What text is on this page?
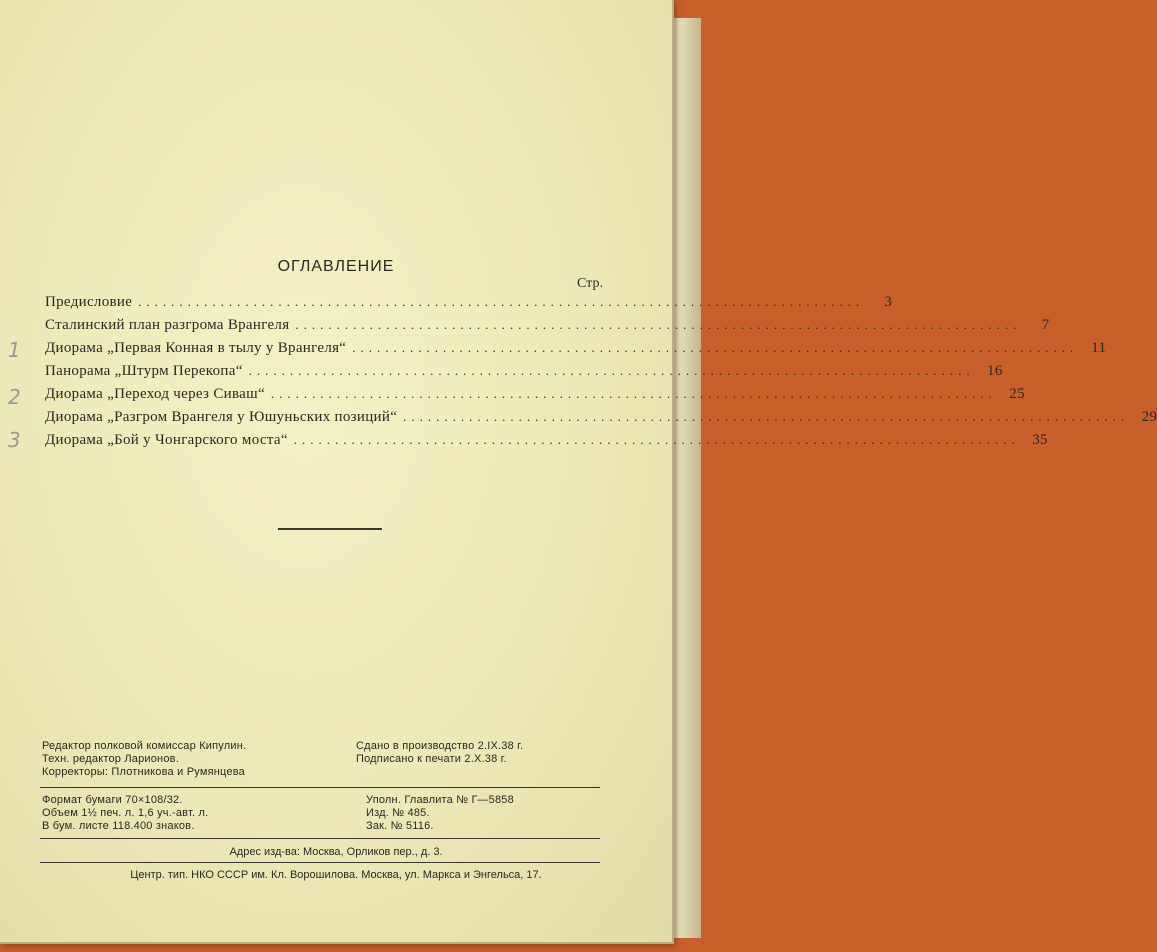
ОГЛАВЛЕНИЕ
Стр.
Предисловие ........................................................................................	3
Сталинский план разгрома Врангеля ........................................................................................	7
Диорама „Первая Конная в тылу у Врангеля“ ........................................................................................ 11
Панорама „Штурм Перекопа“ ........................................................................................ 16
Диорама „Переход через Сиваш“ ........................................................................................ 25
Диорама „Разгром Врангеля у Юшуньских позиций“ ........................................................................................ 29
Диорама „Бой у Чонгарского моста“ ........................................................................................ 35
1
2
3
Редактор полковой комиссар Кипулин.
Техн. редактор Ларионов.
Корректоры: Плотникова и Румянцева
Сдано в производство 2.IX.38 г.
Подписано к печати 2.X.38 г.
Формат бумаги 70×108/32.
Объем 1½ печ. л. 1,6 уч.-авт. л.
В бум. листе 118.400 знаков.
Уполн. Главлита № Г—5858
Изд. № 485.
Зак. № 5116.
Адрес изд-ва: Москва, Орликов пер., д. 3.
Центр. тип. НКО СССР им. Кл. Ворошилова. Москва, ул. Маркса и Энгельса, 17.
